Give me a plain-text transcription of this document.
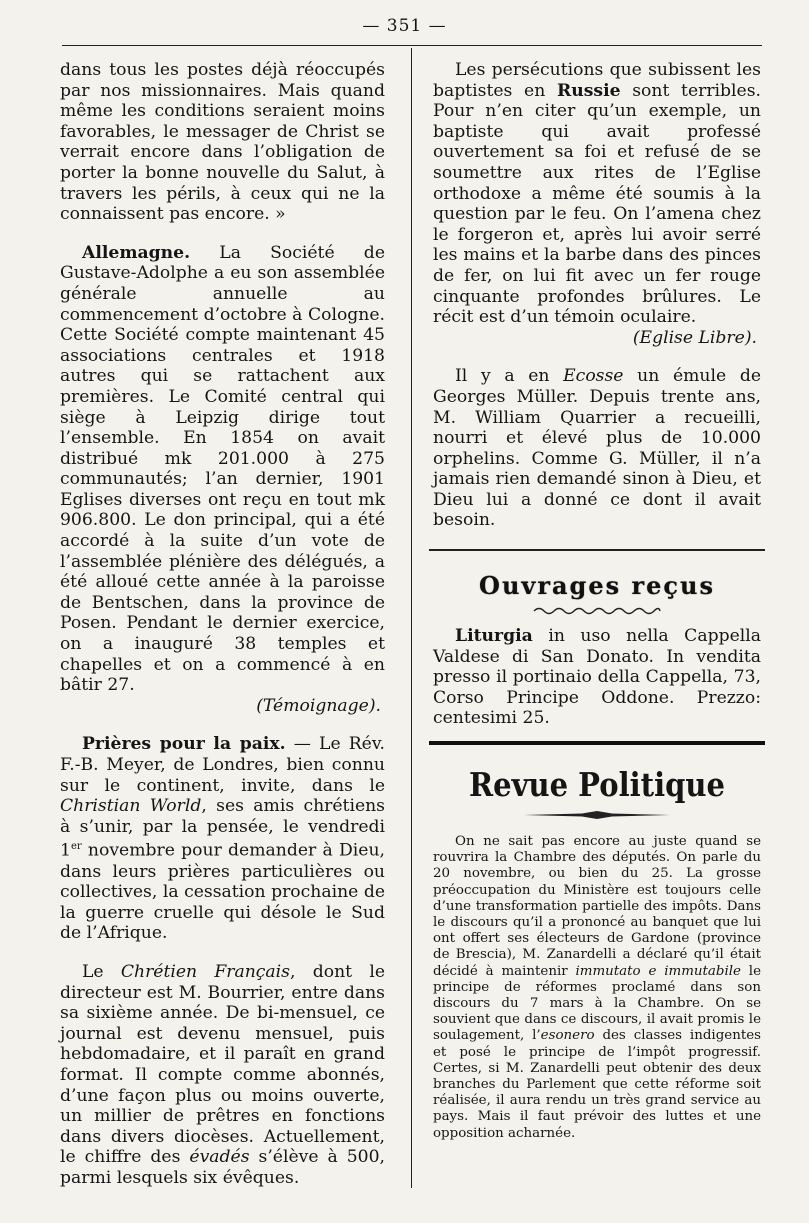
— 351 —

dans tous les postes déjà réoccupés par nos missionnaires. Mais quand même les conditions seraient moins favorables, le messager de Christ se verrait encore dans l’obligation de porter la bonne nouvelle du Salut, à travers les périls, à ceux qui ne la connaissent pas encore. »

Allemagne. La Société de Gustave-Adolphe a eu son assemblée générale annuelle au commencement d’octobre à Cologne. Cette Société compte maintenant 45 associations centrales et 1918 autres qui se rattachent aux premières. Le Comité central qui siège à Leipzig dirige tout l’ensemble. En 1854 on avait distribué mk 201.000 à 275 communautés; l’an dernier, 1901 Eglises diverses ont reçu en tout mk 906.800. Le don principal, qui a été accordé à la suite d’un vote de l’assemblée plénière des délégués, a été alloué cette année à la paroisse de Bentschen, dans la province de Posen. Pendant le dernier exercice, on a inauguré 38 temples et chapelles et on a commencé à en bâtir 27.

(Témoignage).

Prières pour la paix. — Le Rév. F.-B. Meyer, de Londres, bien connu sur le continent, invite, dans le Christian World, ses amis chrétiens à s’unir, par la pensée, le vendredi 1er novembre pour demander à Dieu, dans leurs prières particulières ou collectives, la cessation prochaine de la guerre cruelle qui désole le Sud de l’Afrique.

Le Chrétien Français, dont le directeur est M. Bourrier, entre dans sa sixième année. De bi-mensuel, ce journal est devenu mensuel, puis hebdomadaire, et il paraît en grand format. Il compte comme abonnés, d’une façon plus ou moins ouverte, un millier de prêtres en fonctions dans divers diocèses. Actuellement, le chiffre des évadés s’élève à 500, parmi lesquels six évêques.

Les persécutions que subissent les baptistes en Russie sont terribles. Pour n’en citer qu’un exemple, un baptiste qui avait professé ouvertement sa foi et refusé de se soumettre aux rites de l’Eglise orthodoxe a même été soumis à la question par le feu. On l’amena chez le forgeron et, après lui avoir serré les mains et la barbe dans des pinces de fer, on lui fit avec un fer rouge cinquante profondes brûlures. Le récit est d’un témoin oculaire.

(Eglise Libre).

Il y a en Ecosse un émule de Georges Müller. Depuis trente ans, M. William Quarrier a recueilli, nourri et élevé plus de 10.000 orphelins. Comme G. Müller, il n’a jamais rien demandé sinon à Dieu, et Dieu lui a donné ce dont il avait besoin.

Ouvrages reçus

Liturgia in uso nella Cappella Valdese di San Donato. In vendita presso il portinaio della Cappella, 73, Corso Principe Oddone. Prezzo: centesimi 25.

Revue Politique

On ne sait pas encore au juste quand se rouvrira la Chambre des députés. On parle du 20 novembre, ou bien du 25. La grosse préoccupation du Ministère est toujours celle d’une transformation partielle des impôts. Dans le discours qu’il a prononcé au banquet que lui ont offert ses électeurs de Gardone (province de Brescia), M. Zanardelli a déclaré qu’il était décidé à maintenir immutato e immutabile le principe de réformes proclamé dans son discours du 7 mars à la Chambre. On se souvient que dans ce discours, il avait promis le soulagement, l’esonero des classes indigentes et posé le principe de l’impôt progressif. Certes, si M. Zanardelli peut obtenir des deux branches du Parlement que cette réforme soit réalisée, il aura rendu un très grand service au pays. Mais il faut prévoir des luttes et une opposition acharnée.
